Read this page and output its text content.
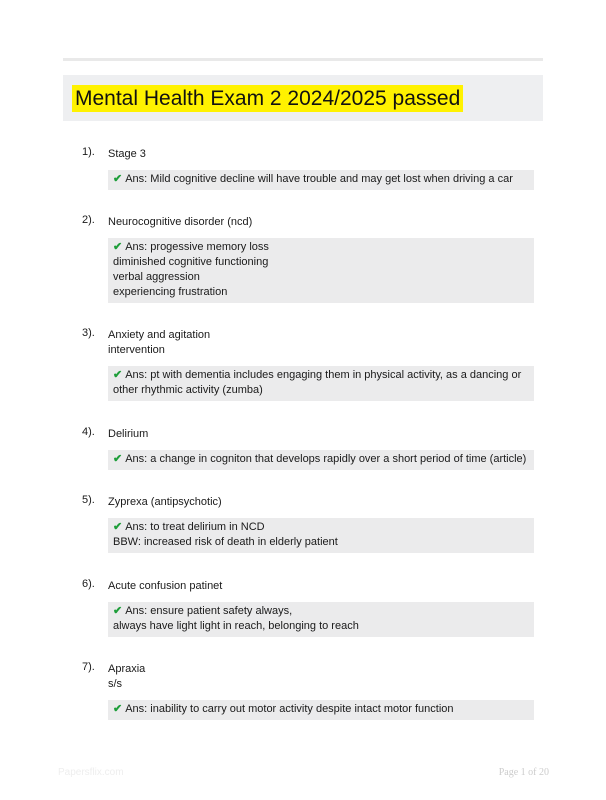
Mental Health Exam 2 2024/2025 passed
1). Stage 3
✔ Ans: Mild cognitive decline will have trouble and may get lost when driving a car
2). Neurocognitive disorder (ncd)
✔ Ans: progessive memory loss
diminished cognitive functioning
verbal aggression
experiencing frustration
3). Anxiety and agitation
intervention
✔ Ans: pt with dementia includes engaging them in physical activity, as a dancing or
other rhythmic activity (zumba)
4). Delirium
✔ Ans: a change in cogniton that develops rapidly over a short period of time (article)
5). Zyprexa (antipsychotic)
✔ Ans: to treat delirium in NCD
BBW: increased risk of death in elderly patient
6). Acute confusion patinet
✔ Ans: ensure patient safety always,
always have light light in reach, belonging to reach
7). Apraxia
s/s
✔ Ans: inability to carry out motor activity despite intact motor function
Papersflix.com	Page 1 of 20
